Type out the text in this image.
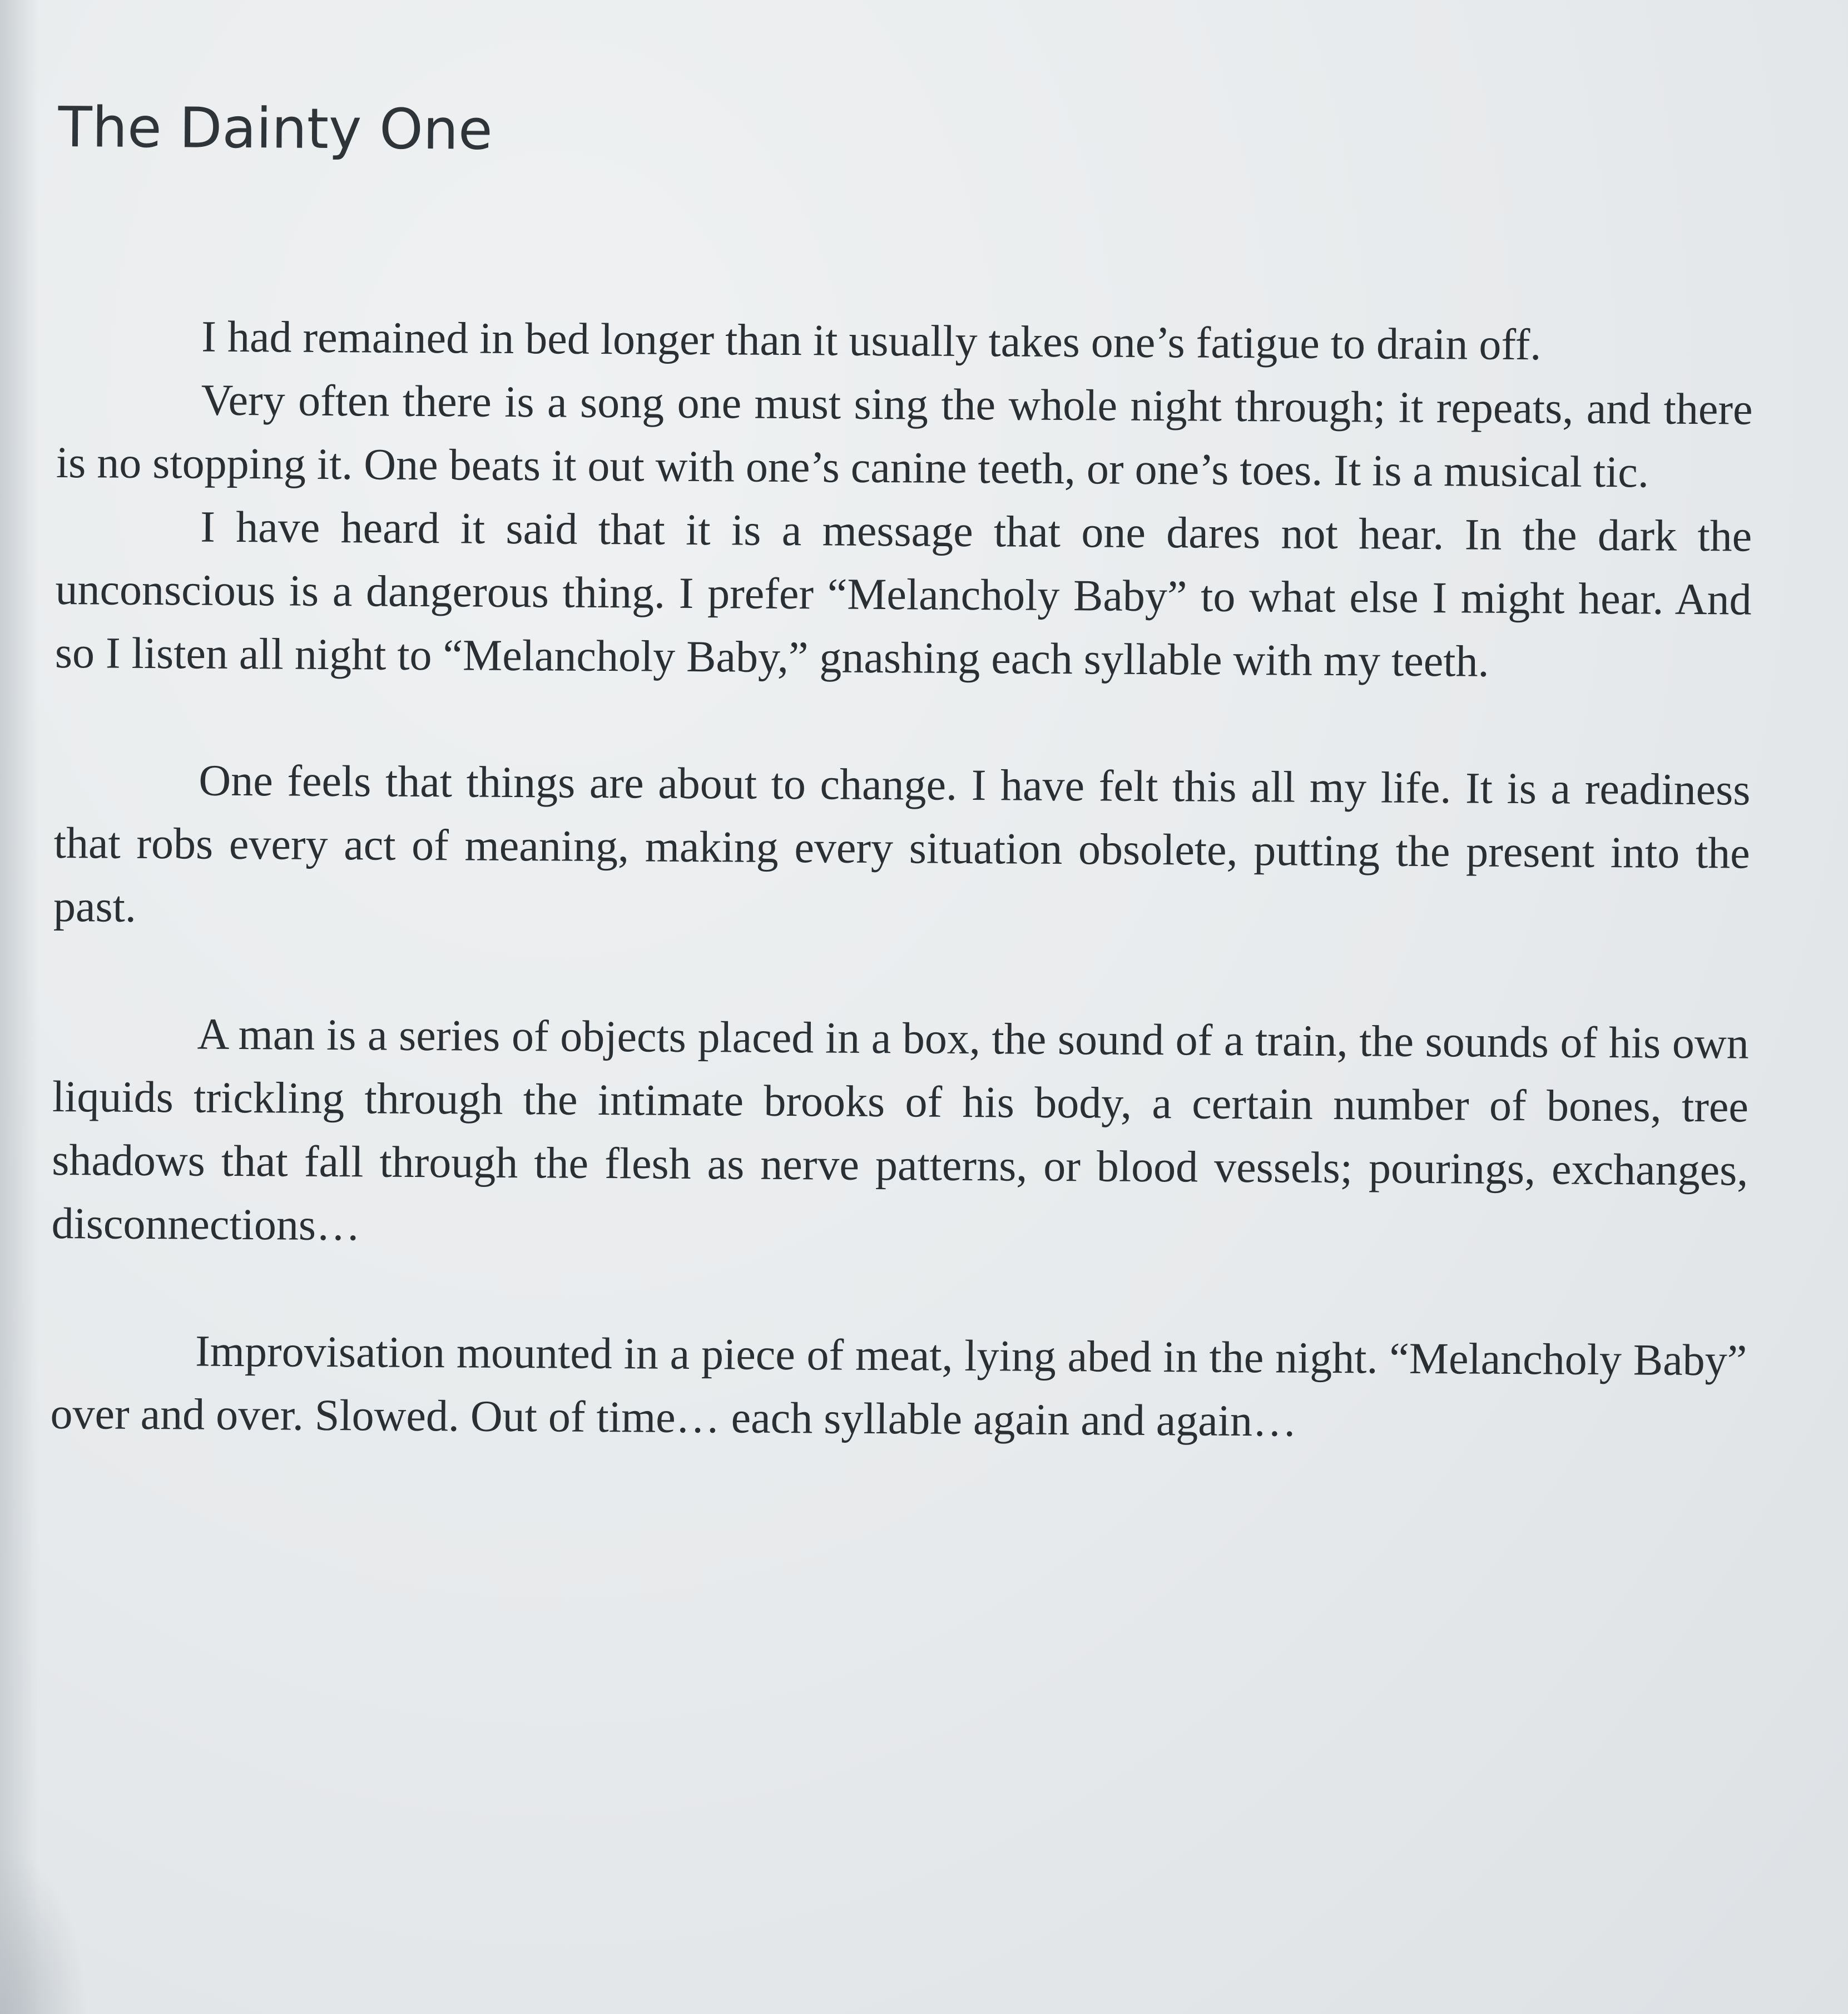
The Dainty One

I had remained in bed longer than it usually takes one’s fatigue to drain off.

Very often there is a song one must sing the whole night through; it repeats, and there is no stopping it. One beats it out with one’s canine teeth, or one’s toes. It is a musical tic.

I have heard it said that it is a message that one dares not hear. In the dark the unconscious is a dangerous thing. I prefer “Melancholy Baby” to what else I might hear. And so I listen all night to “Melancholy Baby,” gnashing each syllable with my teeth.

One feels that things are about to change. I have felt this all my life. It is a readiness that robs every act of meaning, making every situation obsolete, putting the present into the past.

A man is a series of objects placed in a box, the sound of a train, the sounds of his own liquids trickling through the intimate brooks of his body, a certain number of bones, tree shadows that fall through the flesh as nerve patterns, or blood vessels; pourings, exchanges, disconnections…

Improvisation mounted in a piece of meat, lying abed in the night. “Melancholy Baby” over and over. Slowed. Out of time… each syllable again and again…
